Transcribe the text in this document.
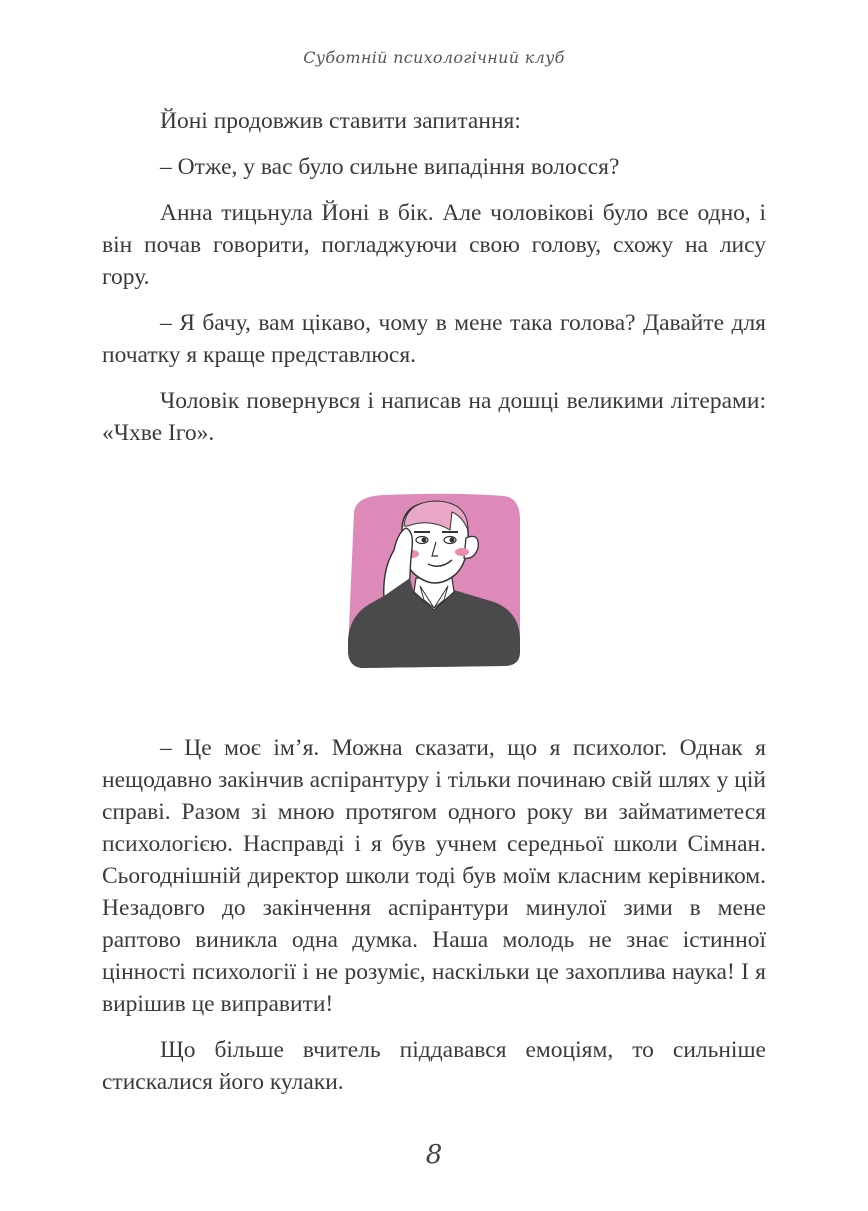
Суботній психологічний клуб

Йоні продовжив ставити запитання:

– Отже, у вас було сильне випадіння волосся?

Анна тицьнула Йоні в бік. Але чоловікові було все одно, і він почав говорити, погладжуючи свою голову, схожу на лису гору.

– Я бачу, вам цікаво, чому в мене така голова? Давайте для початку я краще представлюся.

Чоловік повернувся і написав на дошці великими літерами: «Чхве Іго».

– Це моє ім’я. Можна сказати, що я психолог. Однак я нещодавно закінчив аспірантуру і тільки починаю свій шлях у цій справі. Разом зі мною протягом одного року ви займатиметеся психологією. Насправді і я був учнем середньої школи Сімнан. Сьогоднішній директор школи тоді був моїм класним керівником. Незадовго до закінчення аспірантури минулої зими в мене раптово виникла одна думка. Наша молодь не знає істинної цінності психології і не розуміє, наскільки це захоплива наука! І я вирішив це виправити!

Що більше вчитель піддавався емоціям, то сильніше стискалися його кулаки.

8
